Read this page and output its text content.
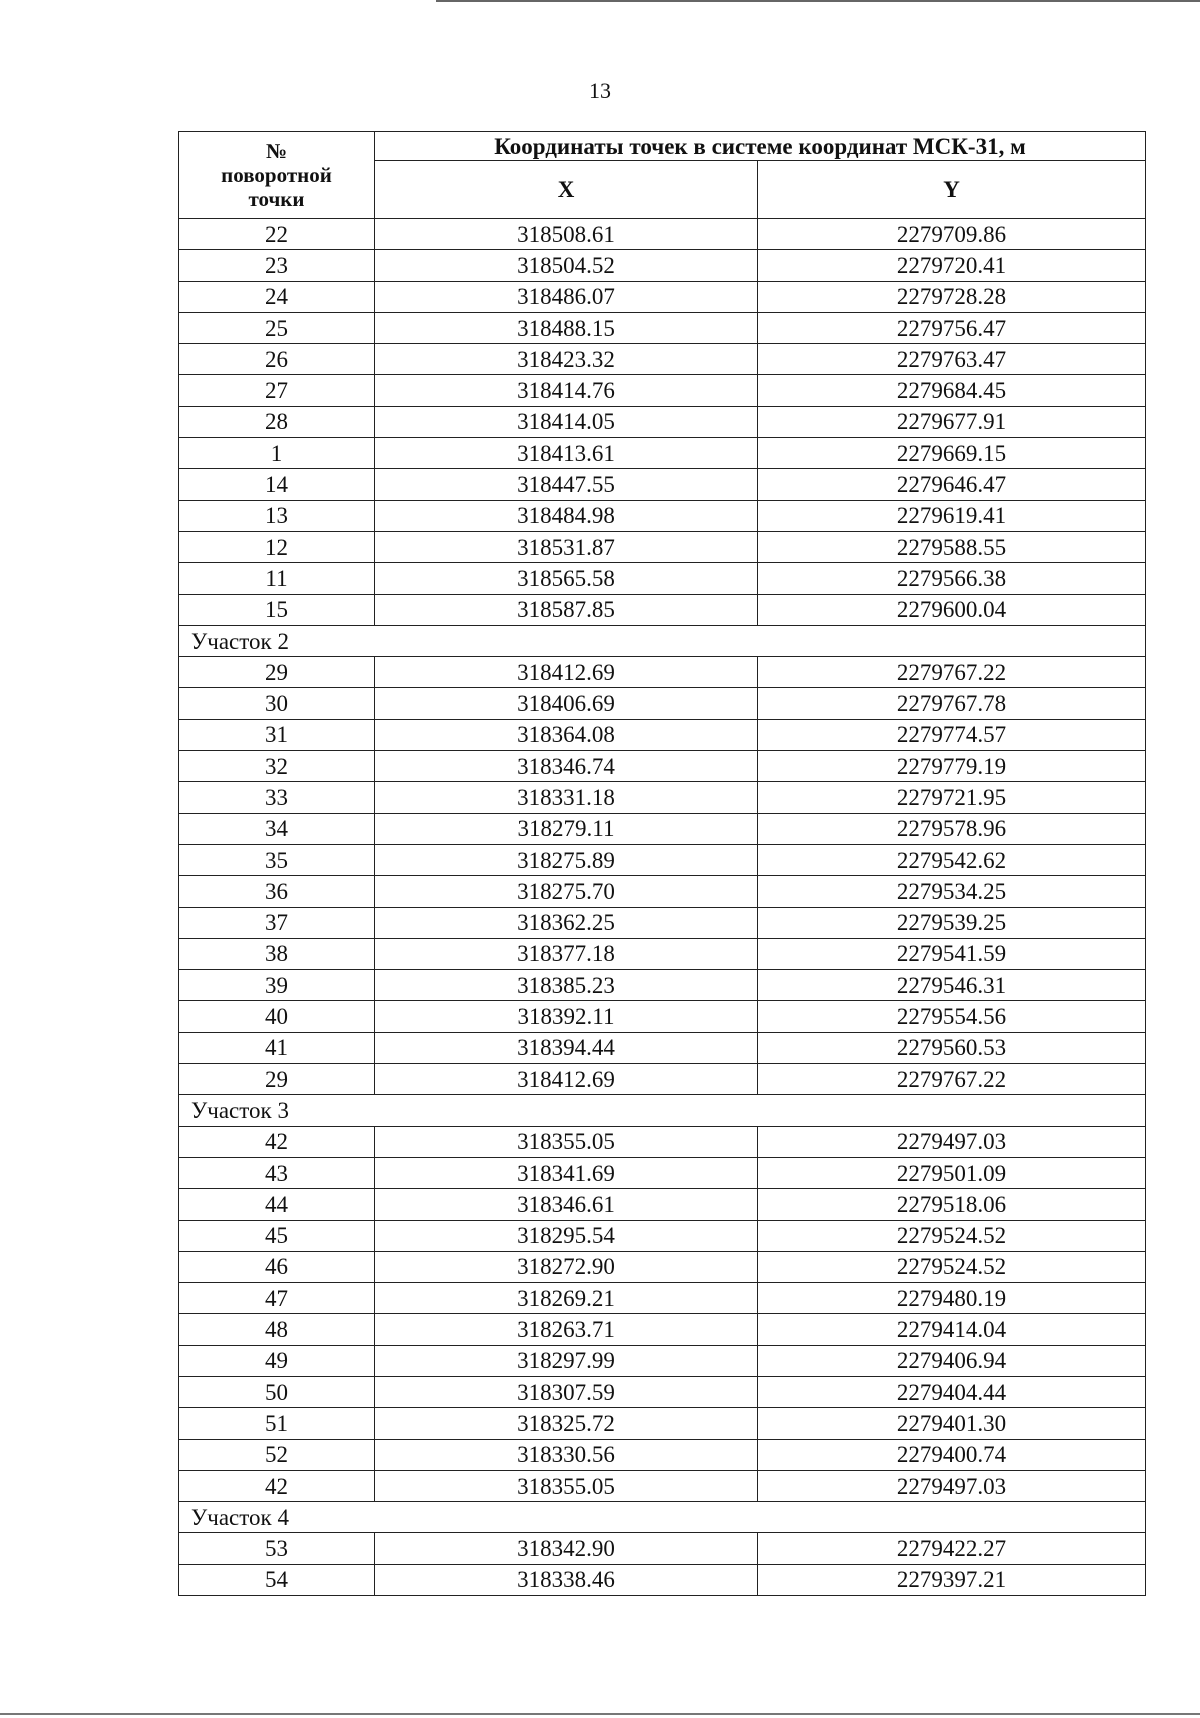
13
№
поворотной
точки	Координаты точек в системе координат МСК-31, м	
	X	Y
22	318508.61	2279709.86
23	318504.52	2279720.41
24	318486.07	2279728.28
25	318488.15	2279756.47
26	318423.32	2279763.47
27	318414.76	2279684.45
28	318414.05	2279677.91
1	318413.61	2279669.15
14	318447.55	2279646.47
13	318484.98	2279619.41
12	318531.87	2279588.55
11	318565.58	2279566.38
15	318587.85	2279600.04
Участок 2		
29	318412.69	2279767.22
30	318406.69	2279767.78
31	318364.08	2279774.57
32	318346.74	2279779.19
33	318331.18	2279721.95
34	318279.11	2279578.96
35	318275.89	2279542.62
36	318275.70	2279534.25
37	318362.25	2279539.25
38	318377.18	2279541.59
39	318385.23	2279546.31
40	318392.11	2279554.56
41	318394.44	2279560.53
29	318412.69	2279767.22
Участок 3		
42	318355.05	2279497.03
43	318341.69	2279501.09
44	318346.61	2279518.06
45	318295.54	2279524.52
46	318272.90	2279524.52
47	318269.21	2279480.19
48	318263.71	2279414.04
49	318297.99	2279406.94
50	318307.59	2279404.44
51	318325.72	2279401.30
52	318330.56	2279400.74
42	318355.05	2279497.03
Участок 4		
53	318342.90	2279422.27
54	318338.46	2279397.21
